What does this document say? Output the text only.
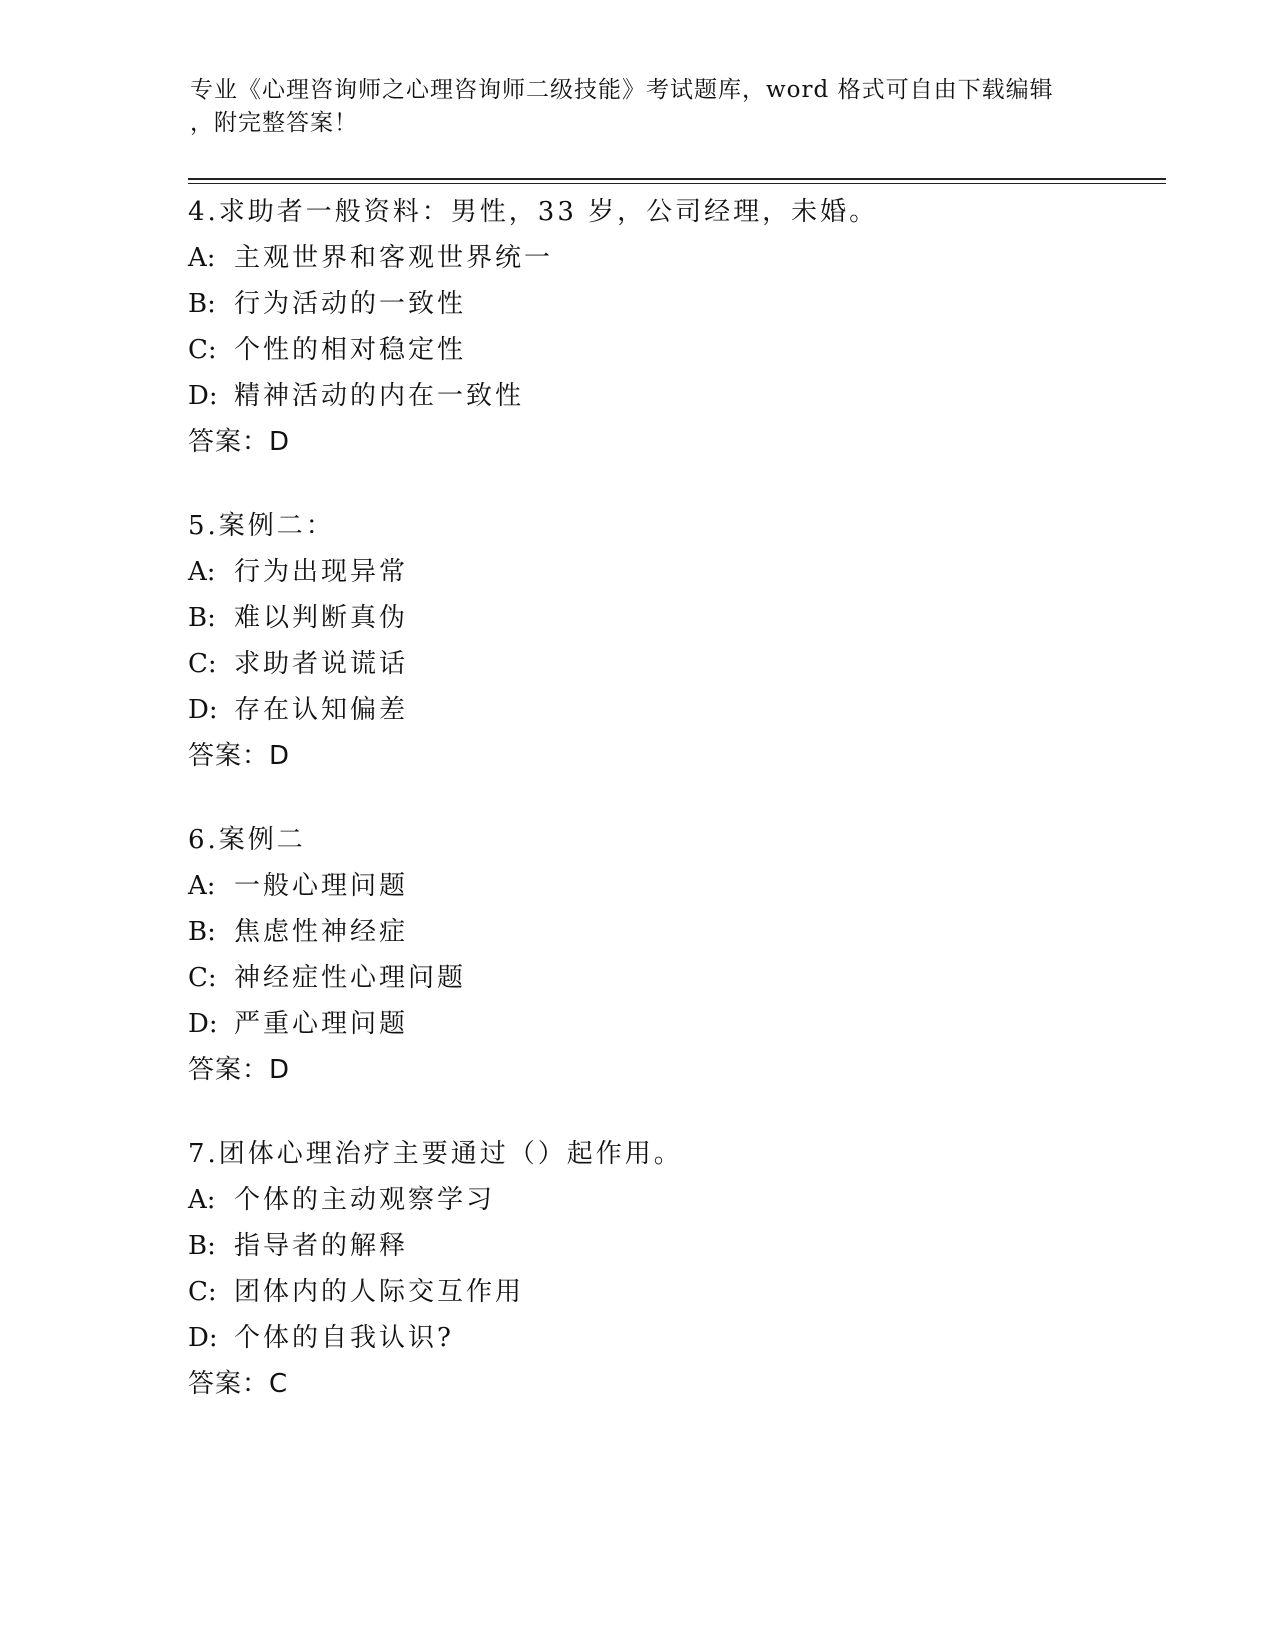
专业《心理咨询师之心理咨询师二级技能》考试题库，word 格式可自由下载编辑
，附完整答案！
4.求助者一般资料：男性，33 岁，公司经理，未婚。
A: 主观世界和客观世界统一
B: 行为活动的一致性
C: 个性的相对稳定性
D: 精神活动的内在一致性
答案：D
5.案例二：
A: 行为出现异常
B: 难以判断真伪
C: 求助者说谎话
D: 存在认知偏差
答案：D
6.案例二
A: 一般心理问题
B: 焦虑性神经症
C: 神经症性心理问题
D: 严重心理问题
答案：D
7.团体心理治疗主要通过（）起作用。
A: 个体的主动观察学习
B: 指导者的解释
C: 团体内的人际交互作用
D: 个体的自我认识?
答案：C
